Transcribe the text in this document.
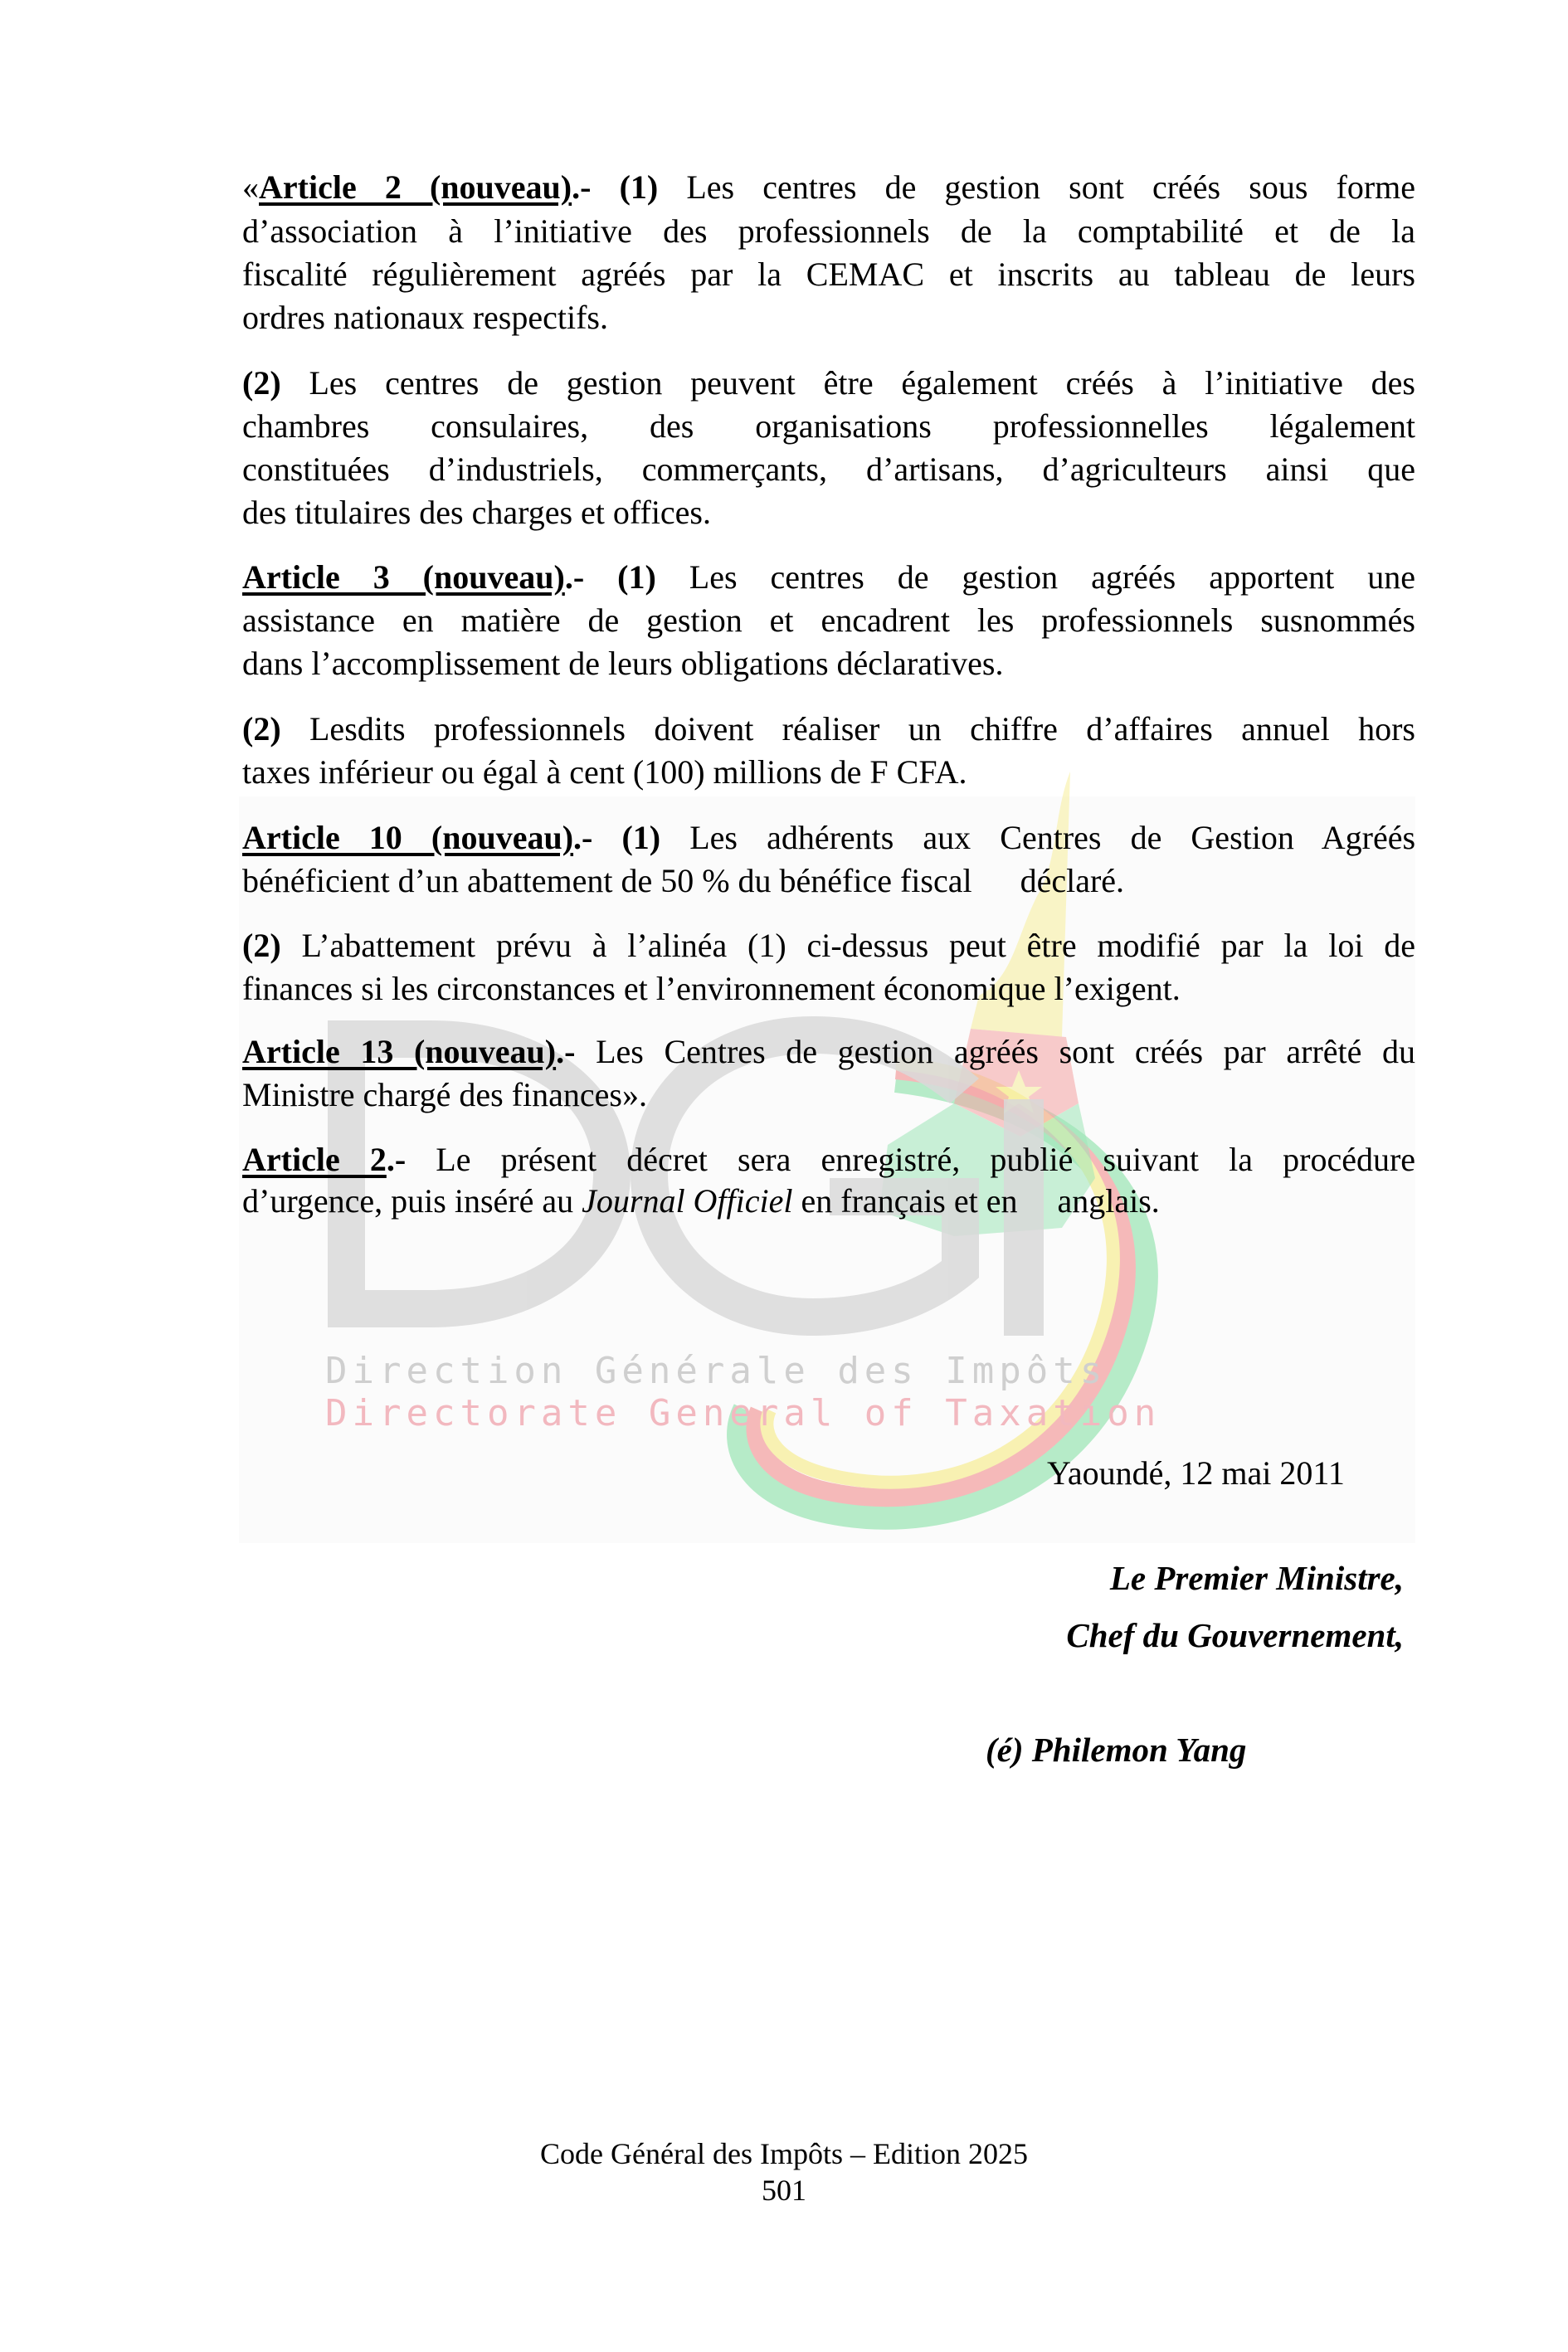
Direction Générale des Impôts
Directorate General of Taxation
«Article 2 (nouveau).- (1) Les centres de gestion sont créés sous forme
d’association à l’initiative des professionnels de la comptabilité et de la
fiscalité régulièrement agréés par la CEMAC et inscrits au tableau de leurs
ordres nationaux respectifs.
(2) Les centres de gestion peuvent être également créés à l’initiative des
chambres consulaires, des organisations professionnelles légalement
constituées d’industriels, commerçants, d’artisans, d’agriculteurs ainsi que
des titulaires des charges et offices.
Article 3 (nouveau).- (1) Les centres de gestion agréés apportent une
assistance en matière de gestion et encadrent les professionnels susnommés
dans l’accomplissement de leurs obligations déclaratives.
(2) Lesdits professionnels doivent réaliser un chiffre d’affaires annuel hors
taxes inférieur ou égal à cent (100) millions de F CFA.
Article 10 (nouveau).- (1) Les adhérents aux Centres de Gestion Agréés
bénéficient d’un abattement de 50 % du bénéfice fiscal déclaré.
(2) L’abattement prévu à l’alinéa (1) ci-dessus peut être modifié par la loi de
finances si les circonstances et l’environnement économique l’exigent.
Article 13 (nouveau).- Les Centres de gestion agréés sont créés par arrêté du
Ministre chargé des finances».
Article 2.- Le présent décret sera enregistré, publié suivant la procédure
d’urgence, puis inséré au Journal Officiel en français et en anglais.
Yaoundé, 12 mai 2011
Le Premier Ministre,
Chef du Gouvernement,
(é) Philemon Yang
Code Général des Impôts – Edition 2025
501
